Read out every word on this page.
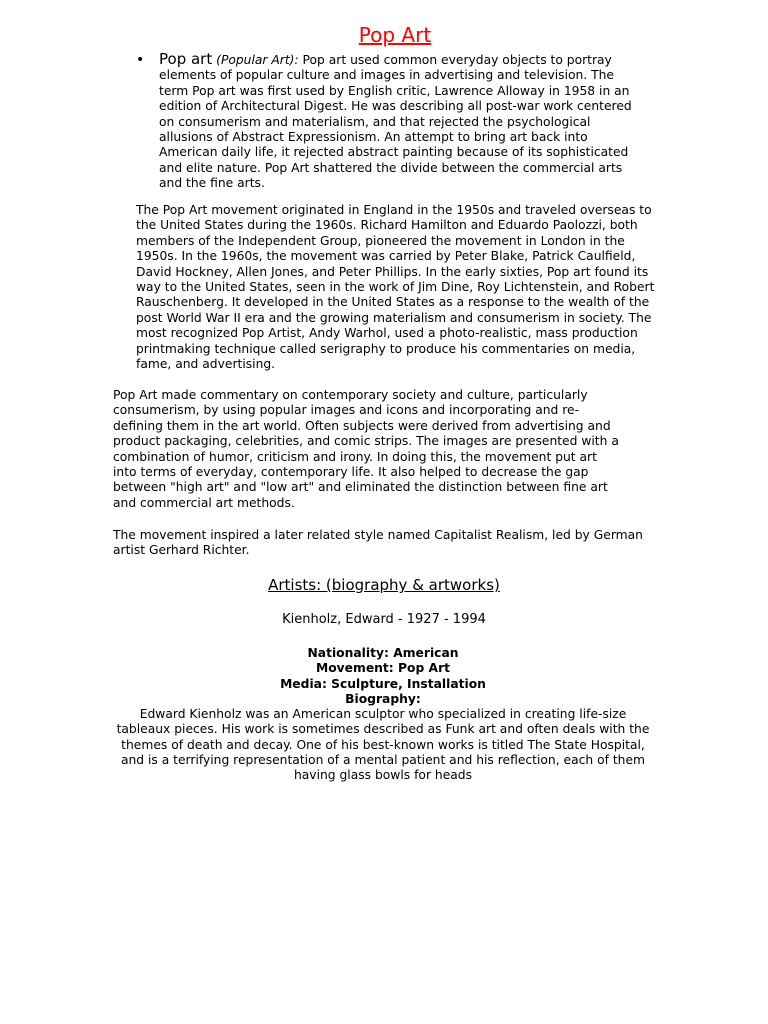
Pop Art
• Pop art (Popular Art): Pop art used common everyday objects to portray elements of popular culture and images in advertising and television. The term Pop art was first used by English critic, Lawrence Alloway in 1958 in an edition of Architectural Digest. He was describing all post-war work centered on consumerism and materialism, and that rejected the psychological allusions of Abstract Expressionism. An attempt to bring art back into American daily life, it rejected abstract painting because of its sophisticated and elite nature. Pop Art shattered the divide between the commercial arts and the fine arts.

The Pop Art movement originated in England in the 1950s and traveled overseas to the United States during the 1960s. Richard Hamilton and Eduardo Paolozzi, both members of the Independent Group, pioneered the movement in London in the 1950s. In the 1960s, the movement was carried by Peter Blake, Patrick Caulfield, David Hockney, Allen Jones, and Peter Phillips. In the early sixties, Pop art found its way to the United States, seen in the work of Jim Dine, Roy Lichtenstein, and Robert Rauschenberg. It developed in the United States as a response to the wealth of the post World War II era and the growing materialism and consumerism in society. The most recognized Pop Artist, Andy Warhol, used a photo-realistic, mass production printmaking technique called serigraphy to produce his commentaries on media, fame, and advertising.

Pop Art made commentary on contemporary society and culture, particularly consumerism, by using popular images and icons and incorporating and re-defining them in the art world. Often subjects were derived from advertising and product packaging, celebrities, and comic strips. The images are presented with a combination of humor, criticism and irony. In doing this, the movement put art into terms of everyday, contemporary life. It also helped to decrease the gap between "high art" and "low art" and eliminated the distinction between fine art and commercial art methods.

The movement inspired a later related style named Capitalist Realism, led by German artist Gerhard Richter.

Artists: (biography & artworks)
Kienholz, Edward - 1927 - 1994
Nationality: American
Movement: Pop Art
Media: Sculpture, Installation
Biography:
Edward Kienholz was an American sculptor who specialized in creating life-size tableaux pieces. His work is sometimes described as Funk art and often deals with the themes of death and decay. One of his best-known works is titled The State Hospital, and is a terrifying representation of a mental patient and his reflection, each of them having glass bowls for heads
